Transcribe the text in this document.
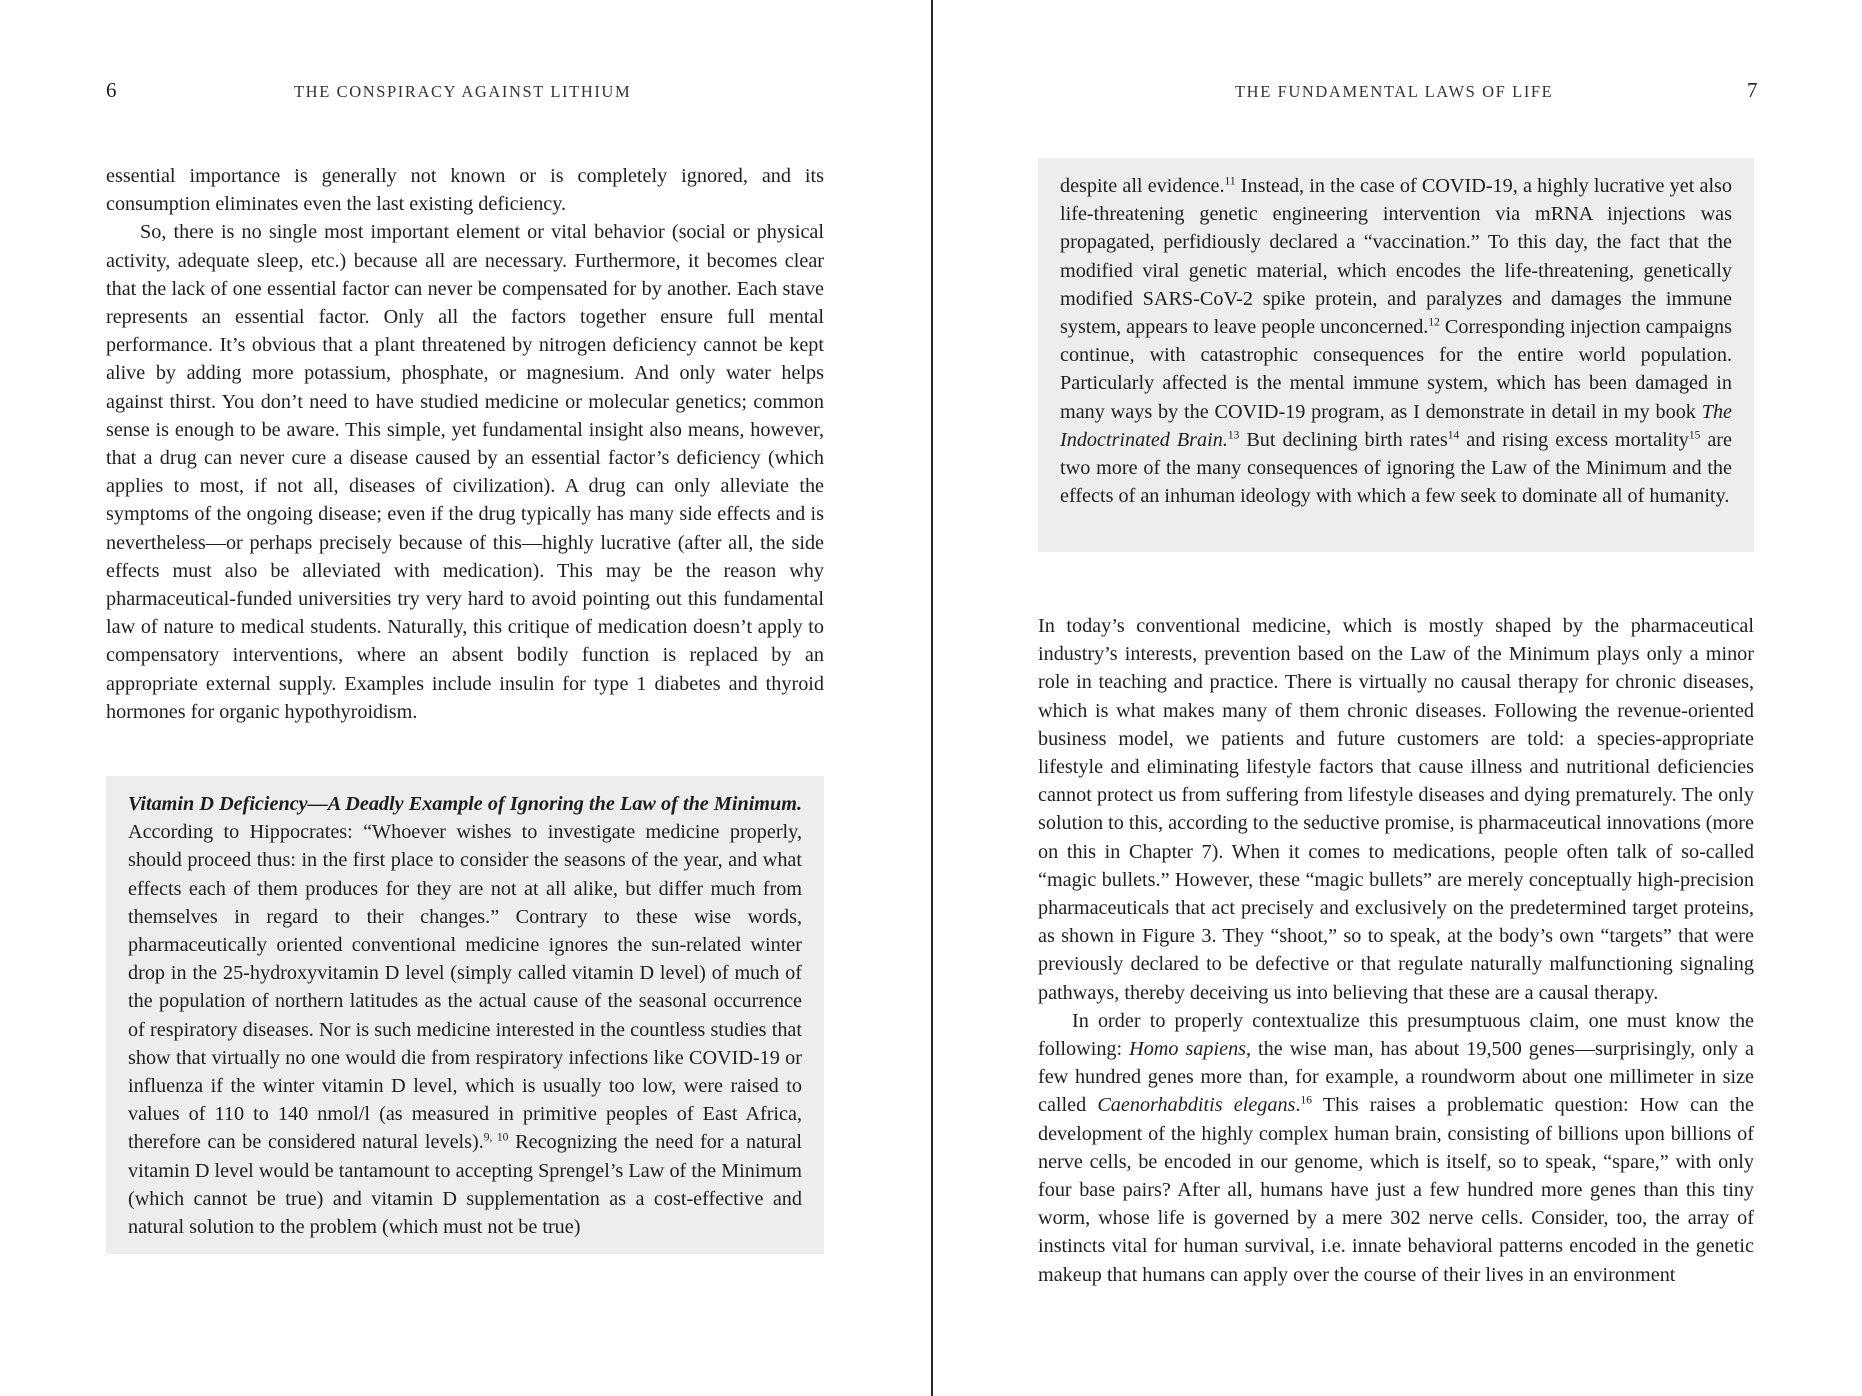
6	THE CONSPIRACY AGAINST LITHIUM

essential importance is generally not known or is completely ignored, and its consumption eliminates even the last existing deficiency.

So, there is no single most important element or vital behavior (social or physical activity, adequate sleep, etc.) because all are necessary. Furthermore, it becomes clear that the lack of one essential factor can never be compensated for by another. Each stave represents an essential factor. Only all the factors together ensure full mental performance. It’s obvious that a plant threatened by nitrogen deficiency cannot be kept alive by adding more potassium, phosphate, or magnesium. And only water helps against thirst. You don’t need to have studied medicine or molecular genetics; common sense is enough to be aware. This simple, yet fundamental insight also means, however, that a drug can never cure a disease caused by an essential factor’s deficiency (which applies to most, if not all, diseases of civilization). A drug can only alleviate the symptoms of the ongoing disease; even if the drug typically has many side effects and is nevertheless—or perhaps precisely because of this—highly lucrative (after all, the side effects must also be alleviated with medication). This may be the reason why pharmaceutical-funded universities try very hard to avoid pointing out this fundamental law of nature to medical students. Naturally, this critique of medication doesn’t apply to compensatory interventions, where an absent bodily function is replaced by an appropriate external supply. Examples include insulin for type 1 diabetes and thyroid hormones for organic hypothyroidism.

Vitamin D Deficiency—A Deadly Example of Ignoring the Law of the Minimum. According to Hippocrates: “Whoever wishes to investigate medicine properly, should proceed thus: in the first place to consider the seasons of the year, and what effects each of them produces for they are not at all alike, but differ much from themselves in regard to their changes.” Contrary to these wise words, pharmaceutically oriented conventional medicine ignores the sun-related winter drop in the 25-hydroxyvitamin D level (simply called vitamin D level) of much of the population of northern latitudes as the actual cause of the seasonal occurrence of respiratory diseases. Nor is such medicine interested in the countless studies that show that virtually no one would die from respiratory infections like COVID-19 or influenza if the winter vitamin D level, which is usually too low, were raised to values of 110 to 140 nmol/l (as measured in primitive peoples of East Africa, therefore can be considered natural levels).$^{9, 10}$ Recognizing the need for a natural vitamin D level would be tantamount to accepting Sprengel’s Law of the Minimum (which cannot be true) and vitamin D supplementation as a cost-effective and natural solution to the problem (which must not be true)

THE FUNDAMENTAL LAWS OF LIFE	7

despite all evidence.$^{11}$ Instead, in the case of COVID-19, a highly lucrative yet also life-threatening genetic engineering intervention via mRNA injections was propagated, perfidiously declared a “vaccination.” To this day, the fact that the modified viral genetic material, which encodes the life-threatening, genetically modified SARS-CoV-2 spike protein, and paralyzes and damages the immune system, appears to leave people unconcerned.$^{12}$ Corresponding injection campaigns continue, with catastrophic consequences for the entire world population. Particularly affected is the mental immune system, which has been damaged in many ways by the COVID-19 program, as I demonstrate in detail in my book The Indoctrinated Brain.$^{13}$ But declining birth rates$^{14}$ and rising excess mortality$^{15}$ are two more of the many consequences of ignoring the Law of the Minimum and the effects of an inhuman ideology with which a few seek to dominate all of humanity.

In today’s conventional medicine, which is mostly shaped by the pharmaceutical industry’s interests, prevention based on the Law of the Minimum plays only a minor role in teaching and practice. There is virtually no causal therapy for chronic diseases, which is what makes many of them chronic diseases. Following the revenue-oriented business model, we patients and future customers are told: a species-appropriate lifestyle and eliminating lifestyle factors that cause illness and nutritional deficiencies cannot protect us from suffering from lifestyle diseases and dying prematurely. The only solution to this, according to the seductive promise, is pharmaceutical innovations (more on this in Chapter 7). When it comes to medications, people often talk of so-called “magic bullets.” However, these “magic bullets” are merely conceptually high-precision pharmaceuticals that act precisely and exclusively on the predetermined target proteins, as shown in Figure 3. They “shoot,” so to speak, at the body’s own “targets” that were previously declared to be defective or that regulate naturally malfunctioning signaling pathways, thereby deceiving us into believing that these are a causal therapy.

In order to properly contextualize this presumptuous claim, one must know the following: Homo sapiens, the wise man, has about 19,500 genes—surprisingly, only a few hundred genes more than, for example, a roundworm about one millimeter in size called Caenorhabditis elegans.$^{16}$ This raises a problematic question: How can the development of the highly complex human brain, consisting of billions upon billions of nerve cells, be encoded in our genome, which is itself, so to speak, “spare,” with only four base pairs? After all, humans have just a few hundred more genes than this tiny worm, whose life is governed by a mere 302 nerve cells. Consider, too, the array of instincts vital for human survival, i.e. innate behavioral patterns encoded in the genetic makeup that humans can apply over the course of their lives in an environment
